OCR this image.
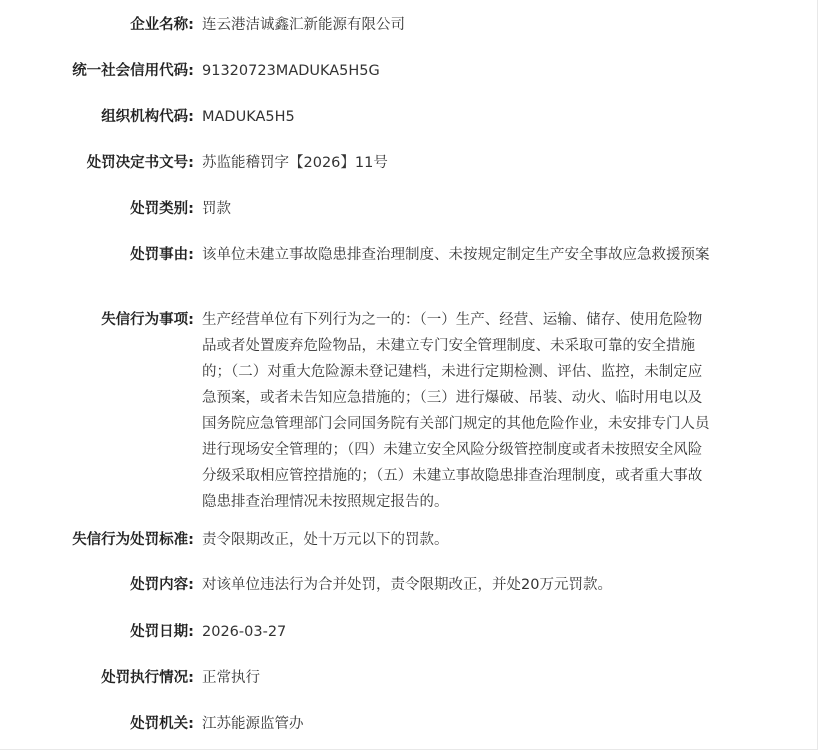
企业名称: 连云港洁诚鑫汇新能源有限公司
统一社会信用代码: 91320723MADUKA5H5G
组织机构代码: MADUKA5H5
处罚决定书文号: 苏监能稽罚字【2026】11号
处罚类别: 罚款
处罚事由: 该单位未建立事故隐患排查治理制度、未按规定制定生产安全事故应急救援预案
失信行为事项: 生产经营单位有下列行为之一的：（一）生产、经营、运输、储存、使用危险物品或者处置废弃危险物品，未建立专门安全管理制度、未采取可靠的安全措施的；（二）对重大危险源未登记建档，未进行定期检测、评估、监控，未制定应急预案，或者未告知应急措施的；（三）进行爆破、吊装、动火、临时用电以及国务院应急管理部门会同国务院有关部门规定的其他危险作业，未安排专门人员进行现场安全管理的；（四）未建立安全风险分级管控制度或者未按照安全风险分级采取相应管控措施的；（五）未建立事故隐患排查治理制度，或者重大事故隐患排查治理情况未按照规定报告的。
失信行为处罚标准: 责令限期改正，处十万元以下的罚款。
处罚内容: 对该单位违法行为合并处罚，责令限期改正，并处20万元罚款。
处罚日期: 2026-03-27
处罚执行情况: 正常执行
处罚机关: 江苏能源监管办
